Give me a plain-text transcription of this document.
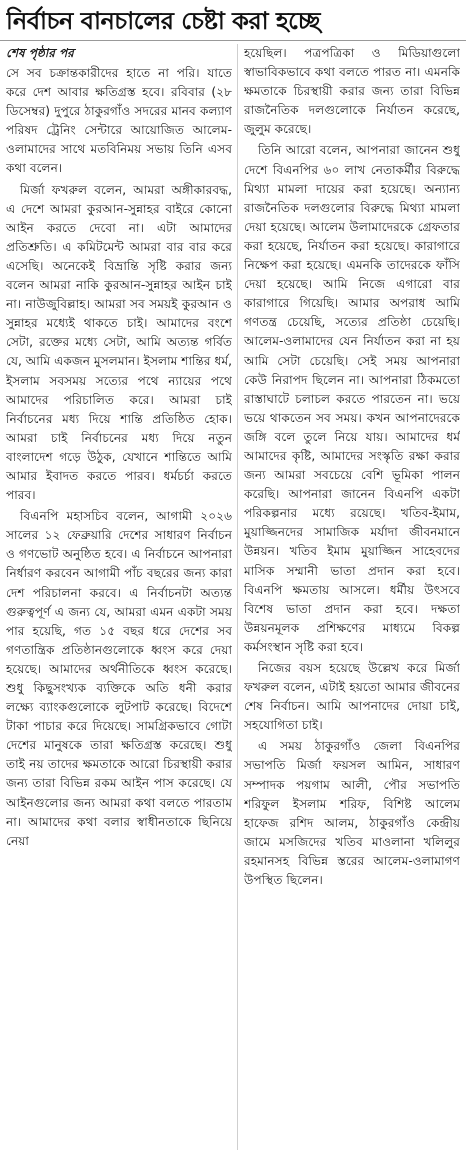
নির্বাচন বানচালের চেষ্টা করা হচ্ছে
শেষ পৃষ্ঠার পর

সে সব চক্রান্তকারীদের হাতে না পরি। যাতে করে দেশ আবার ক্ষতিগ্রস্ত হবে। রবিবার (২৮ ডিসেম্বর) দুপুরে ঠাকুরগাঁও সদরের মানব কল্যাণ পরিষদ ট্রেনিং সেন্টারে আয়োজিত আলেম-ওলামাদের সাথে মতবিনিময় সভায় তিনি এসব কথা বলেন।

মির্জা ফখরুল বলেন, আমরা অঙ্গীকারবদ্ধ, এ দেশে আমরা কুরআন-সুন্নাহর বাইরে কোনো আইন করতে দেবো না। এটা আমাদের প্রতিশ্রুতি। এ কমিটমেন্ট আমরা বার বার করে এসেছি। অনেকেই বিভ্রান্তি সৃষ্টি করার জন্য বলেন আমরা নাকি কুরআন-সুন্নাহর আইন চাই না। নাউজুবিল্লাহ। আমরা সব সময়ই কুরআন ও সুন্নাহর মধ্যেই থাকতে চাই। আমাদের বংশে সেটা, রক্তের মধ্যে সেটা, আমি অত্যন্ত গর্বিত যে, আমি একজন মুসলমান। ইসলাম শান্তির ধর্ম, ইসলাম সবসময় সত্যের পথে ন্যায়ের পথে আমাদের পরিচালিত করে। আমরা চাই নির্বাচনের মধ্য দিয়ে শান্তি প্রতিষ্ঠিত হোক। আমরা চাই নির্বাচনের মধ্য দিয়ে নতুন বাংলাদেশ গড়ে উঠুক, যেখানে শান্তিতে আমি আমার ইবাদত করতে পারব। ধর্মচর্চা করতে পারব।

বিএনপি মহাসচিব বলেন, আগামী ২০২৬ সালের ১২ ফেব্রুয়ারি দেশের সাধারণ নির্বাচন ও গণভোট অনুষ্ঠিত হবে। এ নির্বাচনে আপনারা নির্ধারণ করবেন আগামী পাঁচ বছরের জন্য কারা দেশ পরিচালনা করবে। এ নির্বাচনটা অত্যন্ত গুরুত্বপূর্ণ এ জন্য যে, আমরা এমন একটা সময় পার হয়েছি, গত ১৫ বছর ধরে দেশের সব গণতান্ত্রিক প্রতিষ্ঠানগুলোকে ধ্বংস করে দেয়া হয়েছে। আমাদের অর্থনীতিকে ধ্বংস করেছে। শুধু কিছুসংখ্যক ব্যক্তিকে অতি ধনী করার লক্ষ্যে ব্যাংকগুলোকে লুটপাট করেছে। বিদেশে টাকা পাচার করে দিয়েছে। সামগ্রিকভাবে গোটা দেশের মানুষকে তারা ক্ষতিগ্রস্ত করেছে। শুধু তাই নয় তাদের ক্ষমতাকে আরো চিরস্থায়ী করার জন্য তারা বিভিন্ন রকম আইন পাস করেছে। যে আইনগুলোর জন্য আমরা কথা বলতে পারতাম না। আমাদের কথা বলার স্বাধীনতাকে ছিনিয়ে নেয়া

হয়েছিল। পত্রপত্রিকা ও মিডিয়াগুলো স্বাভাবিকভাবে কথা বলতে পারত না। এমনকি ক্ষমতাকে চিরস্থায়ী করার জন্য তারা বিভিন্ন রাজনৈতিক দলগুলোকে নির্যাতন করেছে, জুলুম করেছে।

তিনি আরো বলেন, আপনারা জানেন শুধু দেশে বিএনপির ৬০ লাখ নেতাকর্মীর বিরুদ্ধে মিথ্যা মামলা দায়ের করা হয়েছে। অন্যান্য রাজনৈতিক দলগুলোর বিরুদ্ধে মিথ্যা মামলা দেয়া হয়েছে। আলেম উলামাদেরকে গ্রেফতার করা হয়েছে, নির্যাতন করা হয়েছে। কারাগারে নিক্ষেপ করা হয়েছে। এমনকি তাদেরকে ফাঁসি দেয়া হয়েছে। আমি নিজে এগারো বার কারাগারে গিয়েছি। আমার অপরাধ আমি গণতন্ত্র চেয়েছি, সত্যের প্রতিষ্ঠা চেয়েছি। আলেম-ওলামাদের যেন নির্যাতন করা না হয় আমি সেটা চেয়েছি। সেই সময় আপনারা কেউ নিরাপদ ছিলেন না। আপনারা ঠিকমতো রাস্তাঘাটে চলাচল করতে পারতেন না। ভয়ে ভয়ে থাকতেন সব সময়। কখন আপনাদেরকে জঙ্গি বলে তুলে নিয়ে যায়। আমাদের ধর্ম আমাদের কৃষ্টি, আমাদের সংস্কৃতি রক্ষা করার জন্য আমরা সবচেয়ে বেশি ভূমিকা পালন করেছি। আপনারা জানেন বিএনপি একটা পরিকল্পনার মধ্যে রয়েছে। খতিব-ইমাম, মুয়াজ্জিনদের সামাজিক মর্যাদা জীবনমানে উন্নয়ন। খতিব ইমাম মুয়াজ্জিন সাহেবদের মাসিক সম্মানী ভাতা প্রদান করা হবে। বিএনপি ক্ষমতায় আসলে। ধর্মীয় উৎসবে বিশেষ ভাতা প্রদান করা হবে। দক্ষতা উন্নয়নমূলক প্রশিক্ষণের মাধ্যমে বিকল্প কর্মসংস্থান সৃষ্টি করা হবে।

নিজের বয়স হয়েছে উল্লেখ করে মির্জা ফখরুল বলেন, এটাই হয়তো আমার জীবনের শেষ নির্বাচন। আমি আপনাদের দোয়া চাই, সহযোগিতা চাই।

এ সময় ঠাকুরগাঁও জেলা বিএনপির সভাপতি মির্জা ফয়সল আমিন, সাধারণ সম্পাদক পয়গাম আলী, পৌর সভাপতি শরিফুল ইসলাম শরিফ, বিশিষ্ট আলেম হাফেজ রশিদ আলম, ঠাকুরগাঁও কেন্দ্রীয় জামে মসজিদের খতিব মাওলানা খলিলুর রহমানসহ বিভিন্ন স্তরের আলেম-ওলামাগণ উপস্থিত ছিলেন।
